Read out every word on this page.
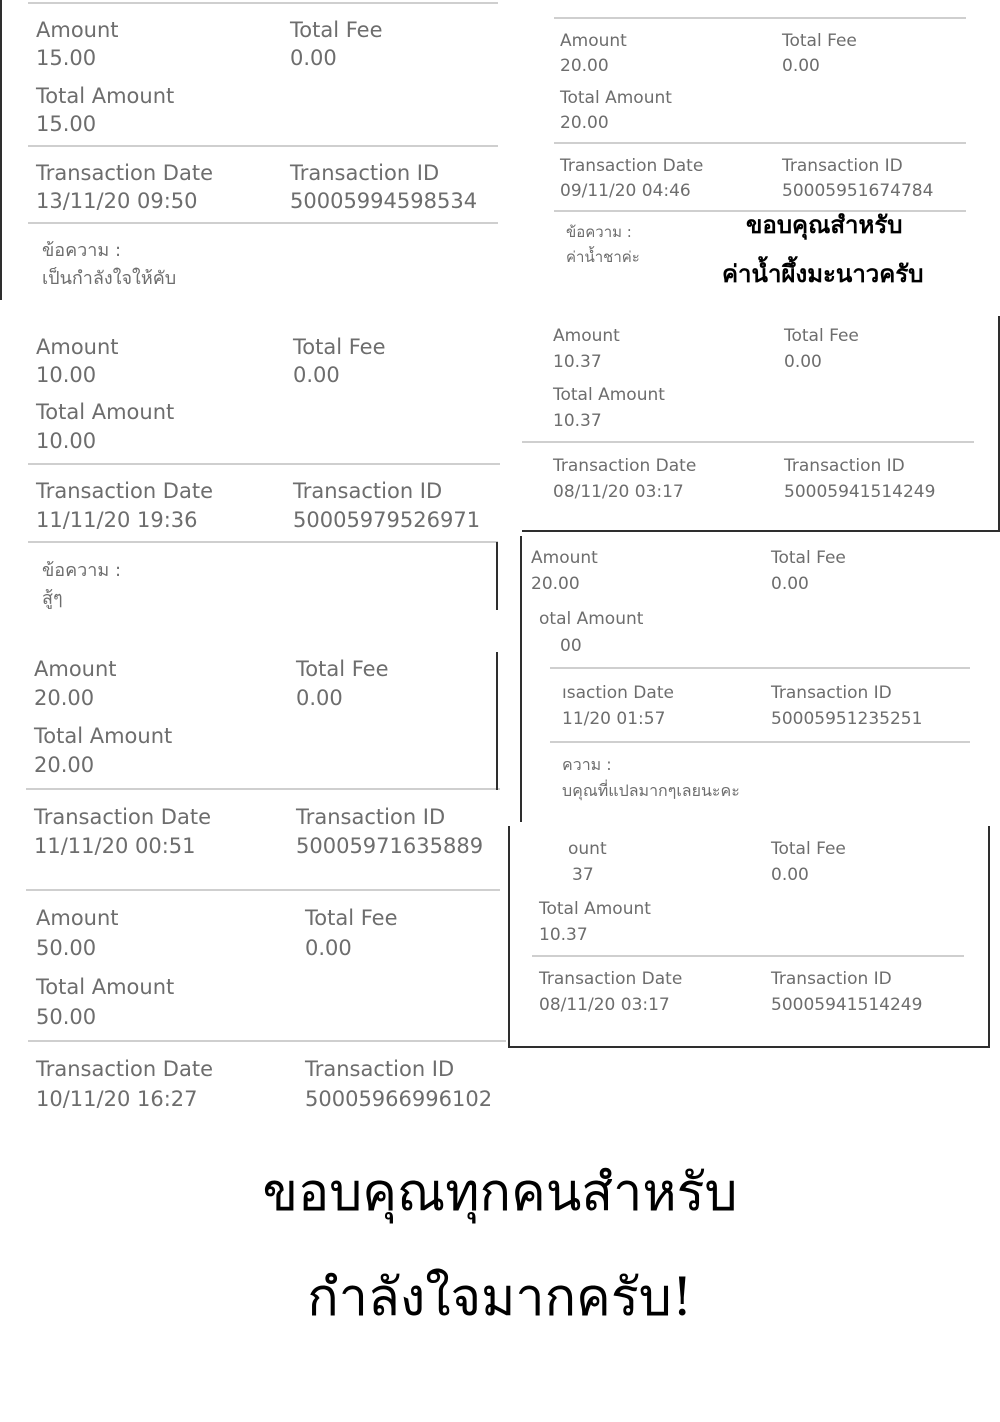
Amount
15.00
Total Fee
0.00
Total Amount
15.00
Transaction Date
13/11/20 09:50
Transaction ID
50005994598534
ข้อความ :
เป็นกำลังใจให้คับ
Amount
20.00
Total Fee
0.00
Total Amount
20.00
Transaction Date
09/11/20 04:46
Transaction ID
50005951674784
ข้อความ :
ค่าน้ำชาค่ะ
ขอบคุณสำหรับ
ค่าน้ำผึ้งมะนาวครับ
Amount
10.00
Total Fee
0.00
Total Amount
10.00
Transaction Date
11/11/20 19:36
Transaction ID
50005979526971
ข้อความ :
สู้ๆ
Amount
10.37
Total Fee
0.00
Total Amount
10.37
Transaction Date
08/11/20 03:17
Transaction ID
50005941514249
Amount
20.00
Total Fee
0.00
otal Amount
00
ısaction Date
11/20 01:57
Transaction ID
50005951235251
ความ :
บคุณที่แปลมากๆเลยนะคะ
Amount
20.00
Total Fee
0.00
Total Amount
20.00
Transaction Date
11/11/20 00:51
Transaction ID
50005971635889	ount
37
Total Fee
0.00
Total Amount
10.37
Transaction Date
08/11/20 03:17
Transaction ID
50005941514249
Amount
50.00
Total Fee
0.00
Total Amount
50.00
Transaction Date
10/11/20 16:27
Transaction ID
50005966996102
ขอบคุณทุกคนสำหรับ
กำลังใจมากครับ!
